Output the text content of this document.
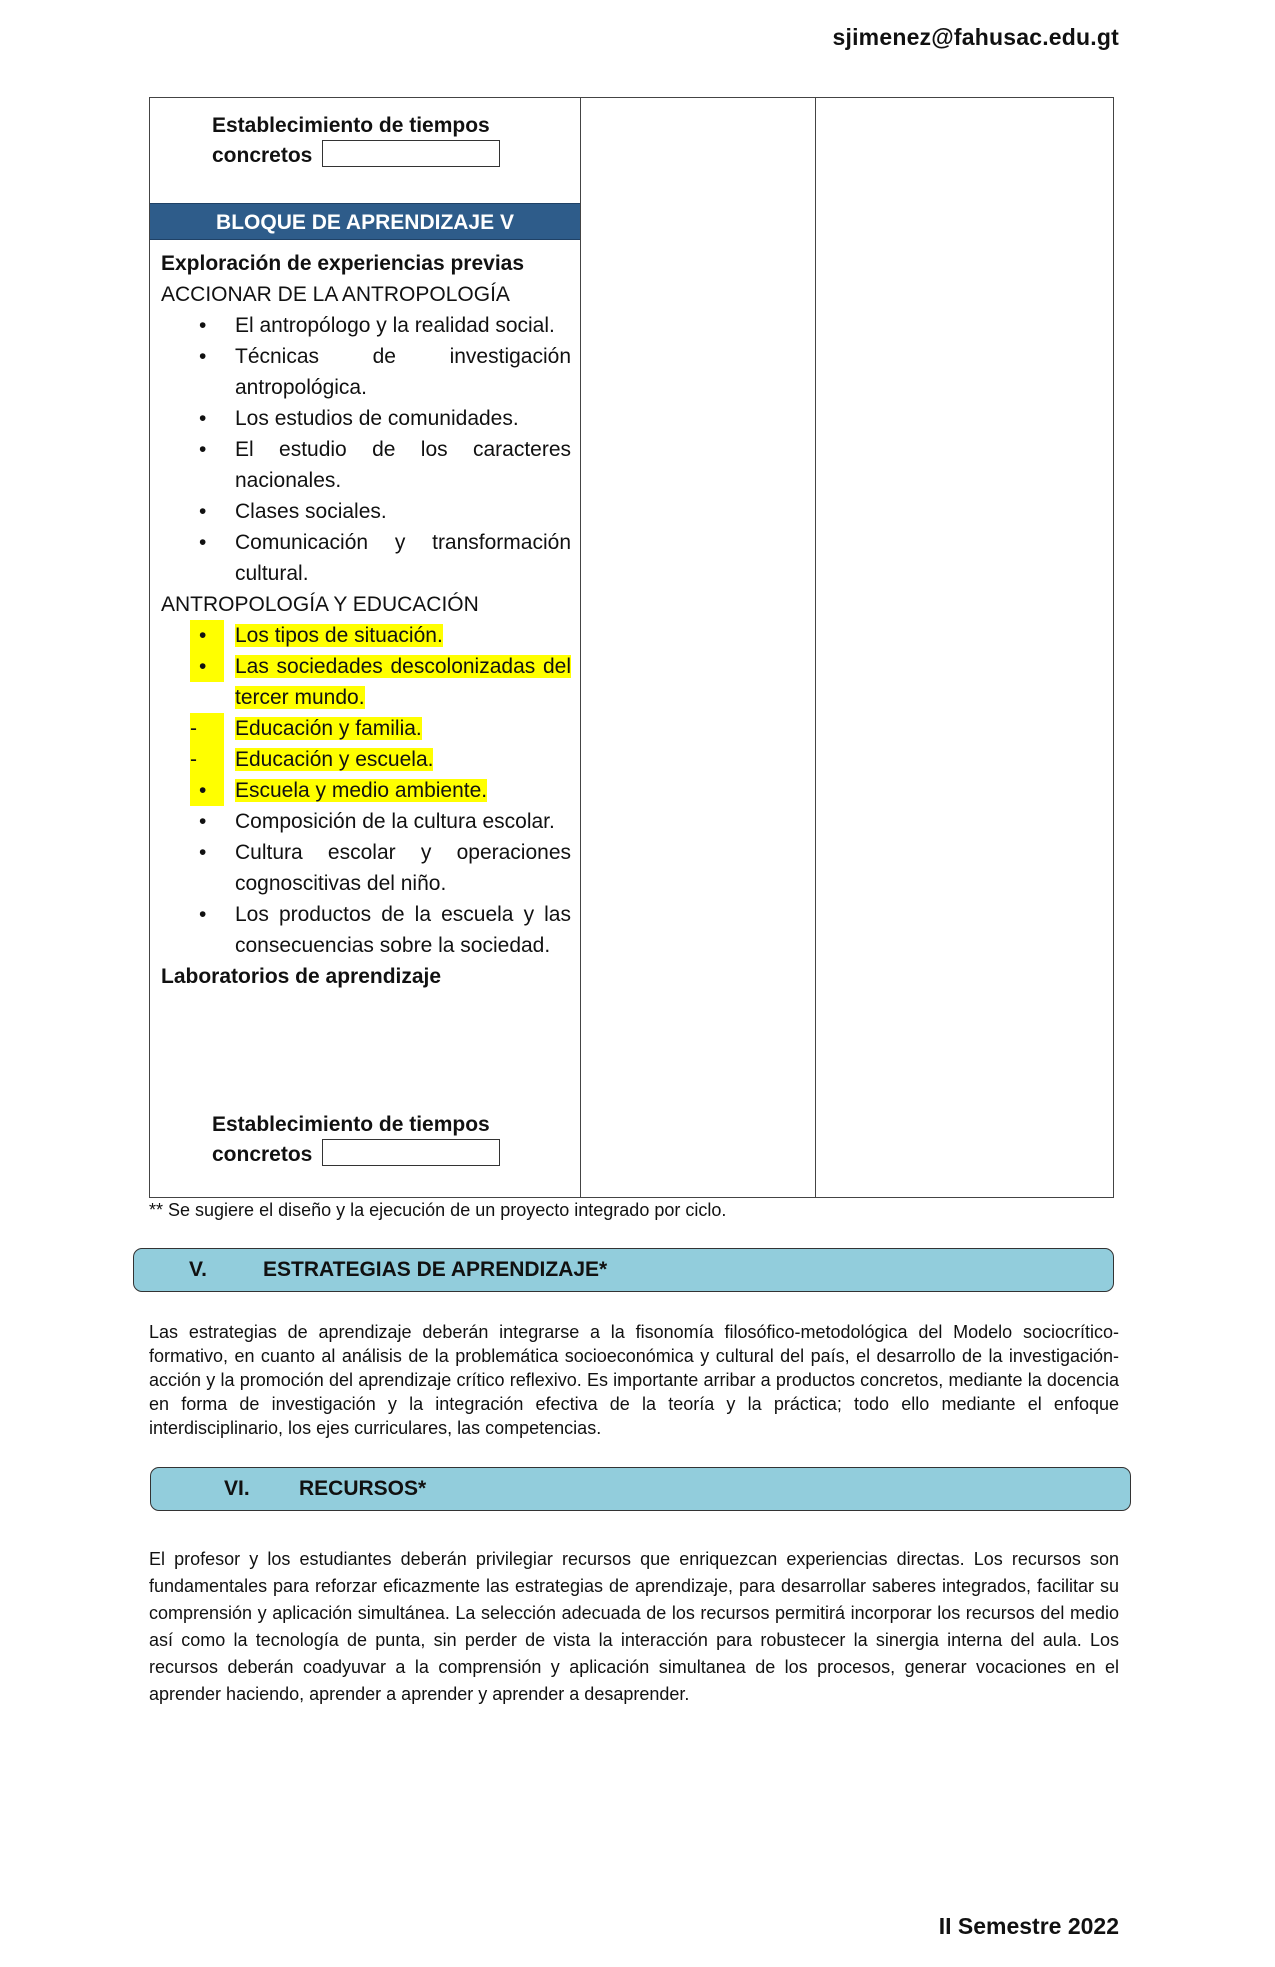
sjimenez@fahusac.edu.gt
Establecimiento de tiempos
concretos
BLOQUE DE APRENDIZAJE V
Exploración de experiencias previas
ACCIONAR DE LA ANTROPOLOGÍA
• El antropólogo y la realidad social.
• Técnicas de investigación antropológica.
• Los estudios de comunidades.
• El estudio de los caracteres nacionales.
• Clases sociales.
• Comunicación y transformación cultural.
ANTROPOLOGÍA Y EDUCACIÓN
•	Los tipos de situación.
•	Las sociedades descolonizadas del tercer mundo.
-	Educación y familia.
-	Educación y escuela.
•	Escuela y medio ambiente.
• Composición de la cultura escolar.
• Cultura escolar y operaciones cognoscitivas del niño.
• Los productos de la escuela y las consecuencias sobre la sociedad.
Laboratorios de aprendizaje
Establecimiento de tiempos
concretos
** Se sugiere el diseño y la ejecución de un proyecto integrado por ciclo.
V.	ESTRATEGIAS DE APRENDIZAJE*
Las estrategias de aprendizaje deberán integrarse a la fisonomía filosófico-metodológica del Modelo sociocrítico-formativo, en cuanto al análisis de la problemática socioeconómica y cultural del país, el desarrollo de la investigación-acción y la promoción del aprendizaje crítico reflexivo. Es importante arribar a productos concretos, mediante la docencia en forma de investigación y la integración efectiva de la teoría y la práctica; todo ello mediante el enfoque interdisciplinario, los ejes curriculares, las competencias.
VI. RECURSOS*
El profesor y los estudiantes deberán privilegiar recursos que enriquezcan experiencias directas. Los recursos son fundamentales para reforzar eficazmente las estrategias de aprendizaje, para desarrollar saberes integrados, facilitar su comprensión y aplicación simultánea. La selección adecuada de los recursos permitirá incorporar los recursos del medio así como la tecnología de punta, sin perder de vista la interacción para robustecer la sinergia interna del aula. Los recursos deberán coadyuvar a la comprensión y aplicación simultanea de los procesos, generar vocaciones en el aprender haciendo, aprender a aprender y aprender a desaprender.
II Semestre 2022
